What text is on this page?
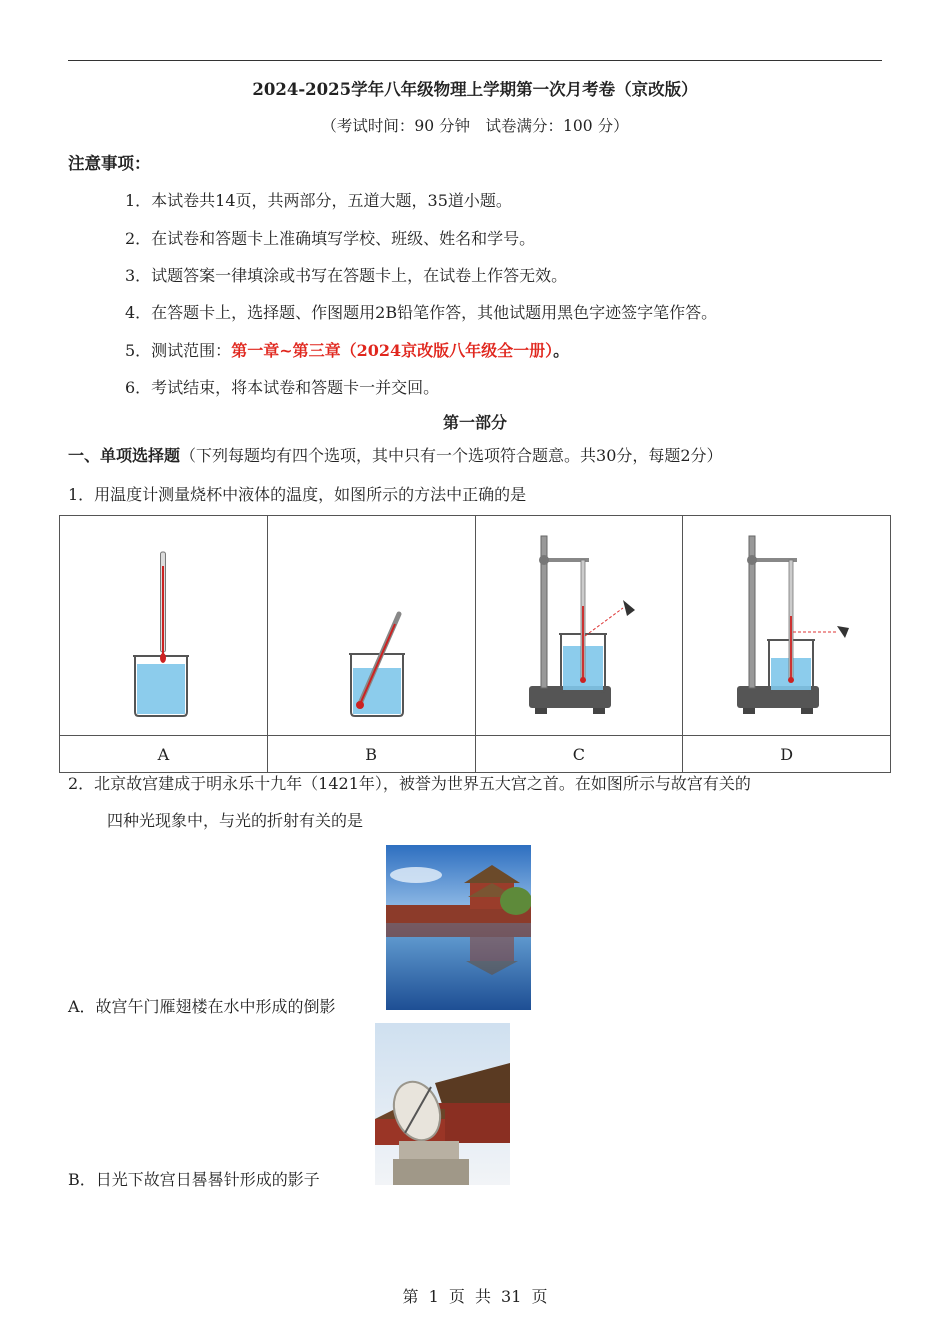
2024-2025学年八年级物理上学期第一次月考卷（京改版）
（考试时间：90 分钟　试卷满分：100 分）
注意事项：
1．本试卷共14页，共两部分，五道大题，35道小题。
2．在试卷和答题卡上准确填写学校、班级、姓名和学号。
3．试题答案一律填涂或书写在答题卡上，在试卷上作答无效。
4．在答题卡上，选择题、作图题用2B铅笔作答，其他试题用黑色字迹签字笔作答。
5．测试范围：第一章~第三章（2024京改版八年级全一册）。
6．考试结束，将本试卷和答题卡一并交回。
第一部分
一、单项选择题（下列每题均有四个选项，其中只有一个选项符合题意。共30分，每题2分）
1．用温度计测量烧杯中液体的温度，如图所示的方法中正确的是

A	B	C	D
2．北京故宫建成于明永乐十九年（1421年），被誉为世界五大宫之首。在如图所示与故宫有关的
四种光现象中，与光的折射有关的是
A．故宫午门雁翅楼在水中形成的倒影
B．日光下故宫日晷晷针形成的影子
第 1 页 共 31 页
